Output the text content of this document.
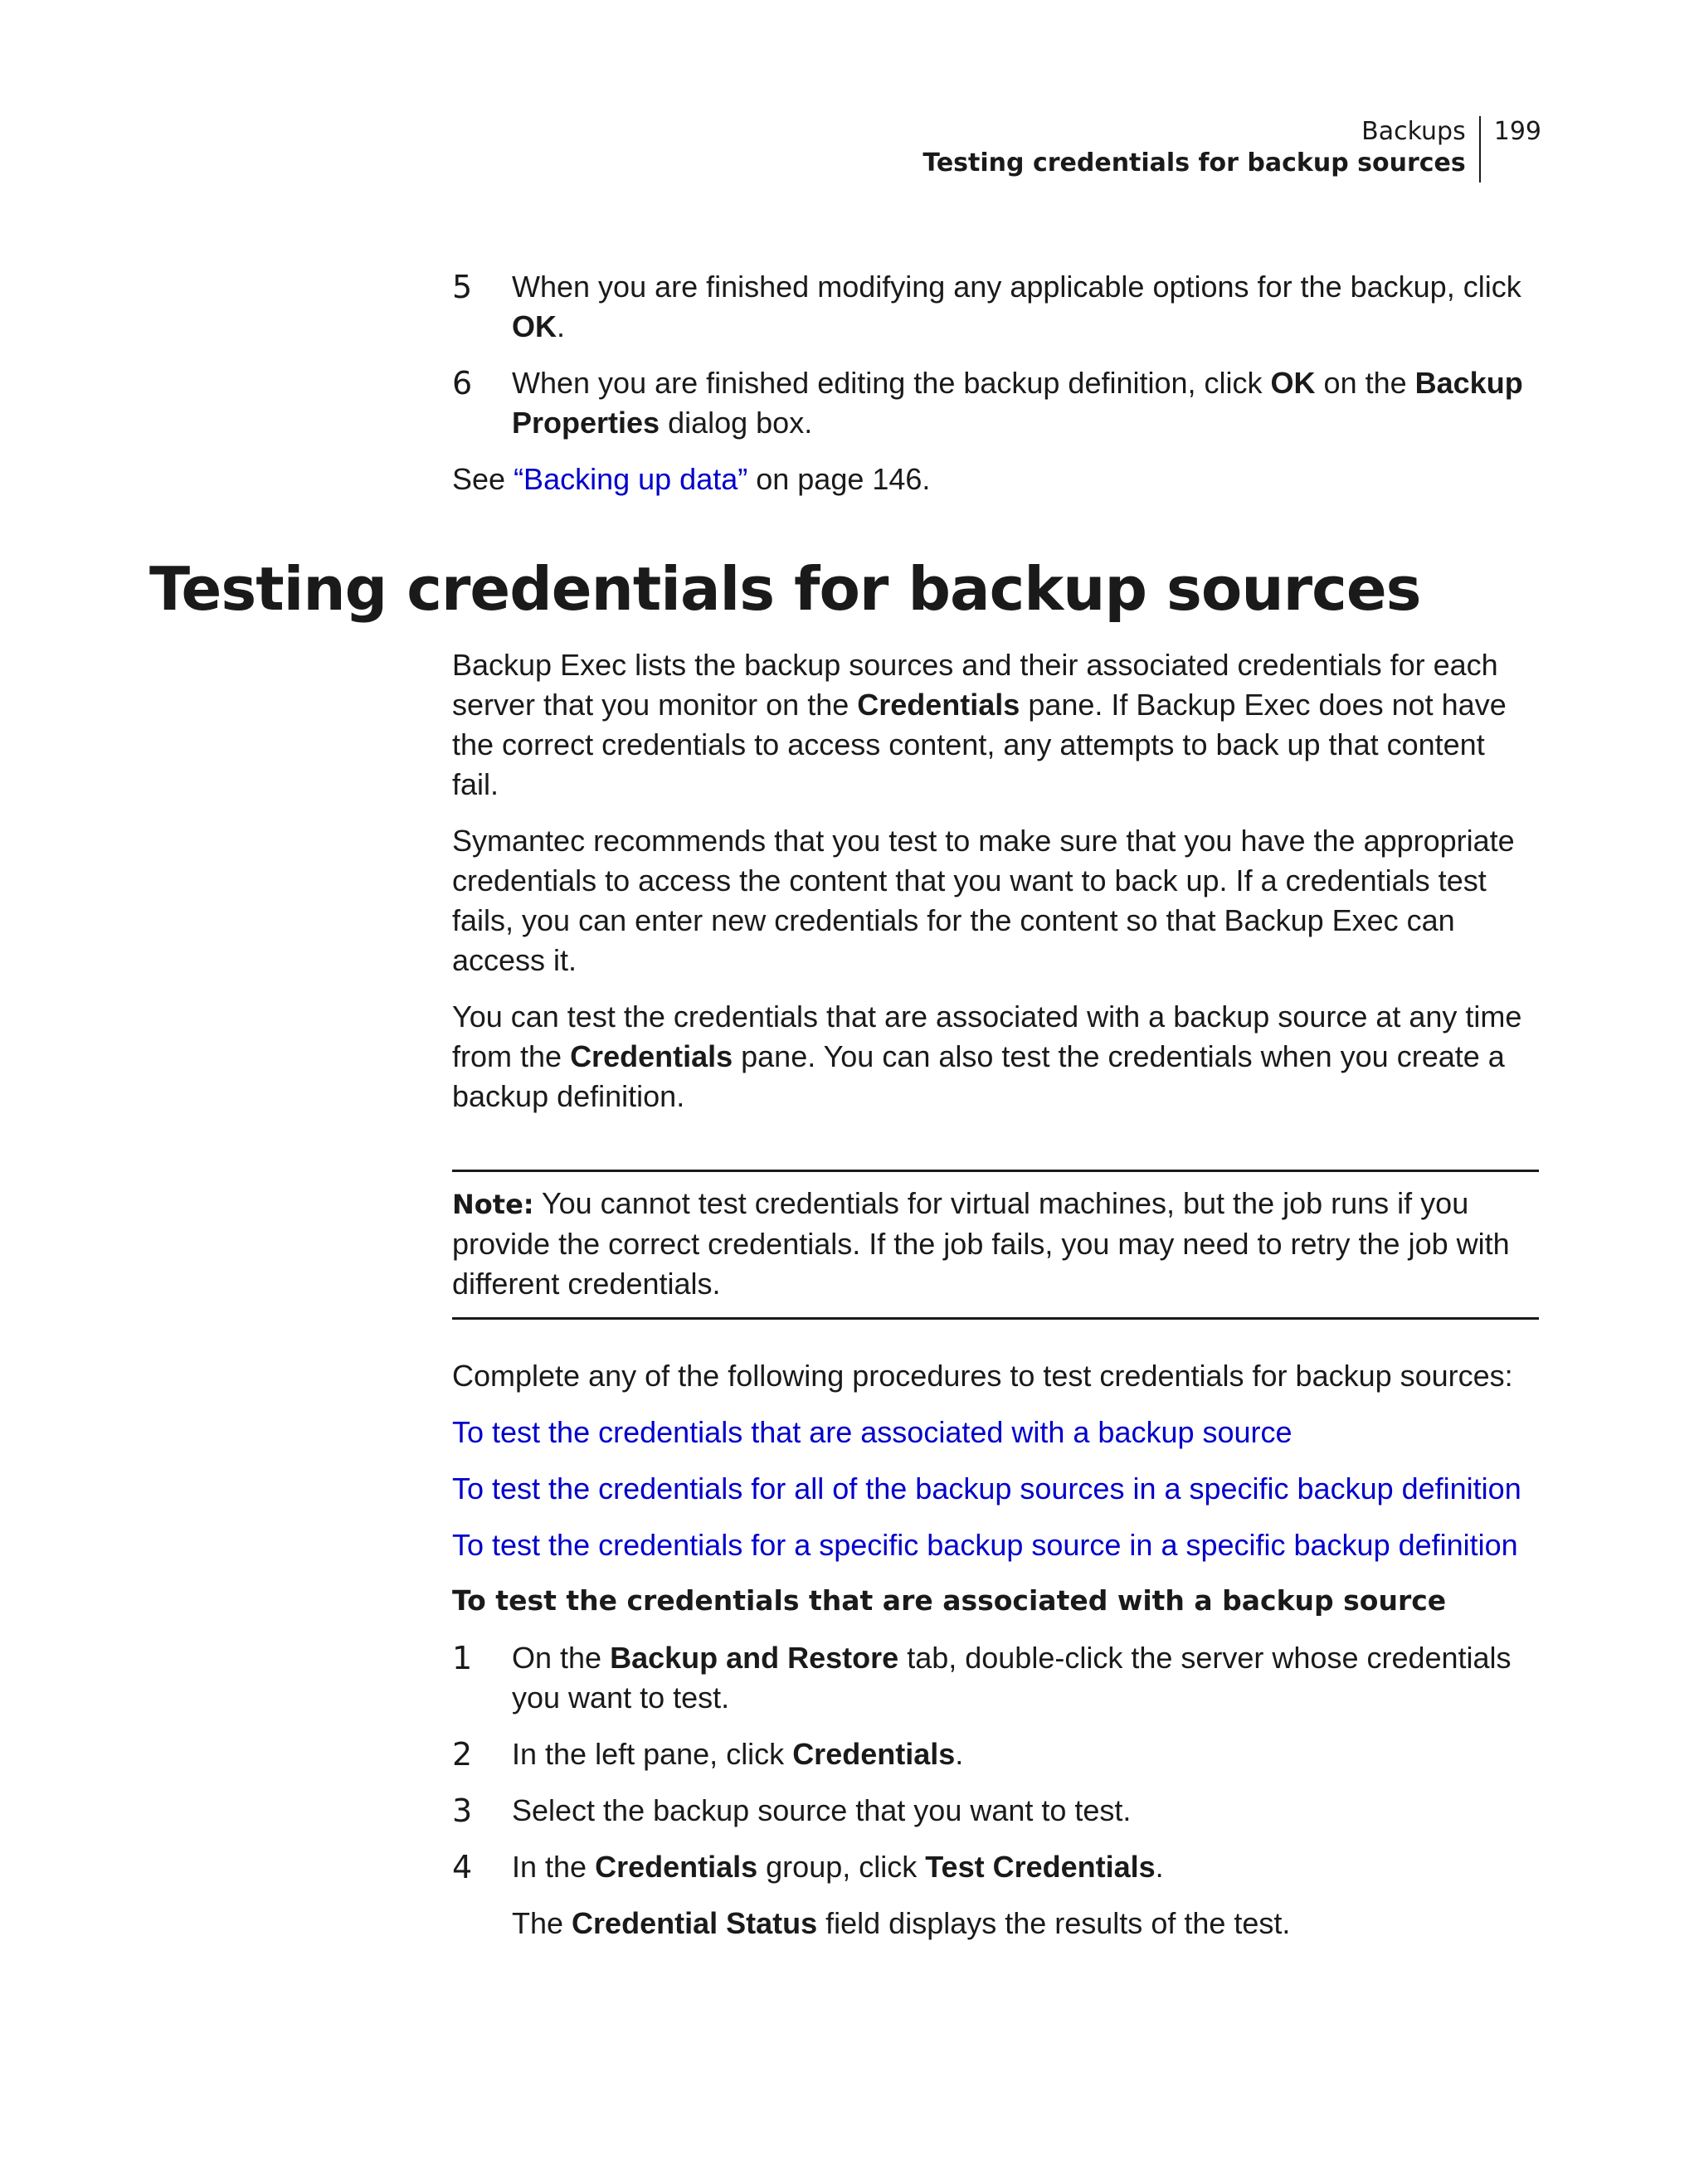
Backups
Testing credentials for backup sources
199
5	When you are finished modifying any applicable options for the backup, click OK.
6	When you are finished editing the backup definition, click OK on the Backup Properties dialog box.

See “Backing up data” on page 146.

Testing credentials for backup sources

Backup Exec lists the backup sources and their associated credentials for each server that you monitor on the Credentials pane. If Backup Exec does not have the correct credentials to access content, any attempts to back up that content fail.

Symantec recommends that you test to make sure that you have the appropriate credentials to access the content that you want to back up. If a credentials test fails, you can enter new credentials for the content so that Backup Exec can access it.

You can test the credentials that are associated with a backup source at any time from the Credentials pane. You can also test the credentials when you create a backup definition.

Note: You cannot test credentials for virtual machines, but the job runs if you provide the correct credentials. If the job fails, you may need to retry the job with different credentials.

Complete any of the following procedures to test credentials for backup sources:

To test the credentials that are associated with a backup source

To test the credentials for all of the backup sources in a specific backup definition

To test the credentials for a specific backup source in a specific backup definition

To test the credentials that are associated with a backup source
1	On the Backup and Restore tab, double-click the server whose credentials you want to test.
2	In the left pane, click Credentials.
3	Select the backup source that you want to test.
4	In the Credentials group, click Test Credentials.
The Credential Status field displays the results of the test.
